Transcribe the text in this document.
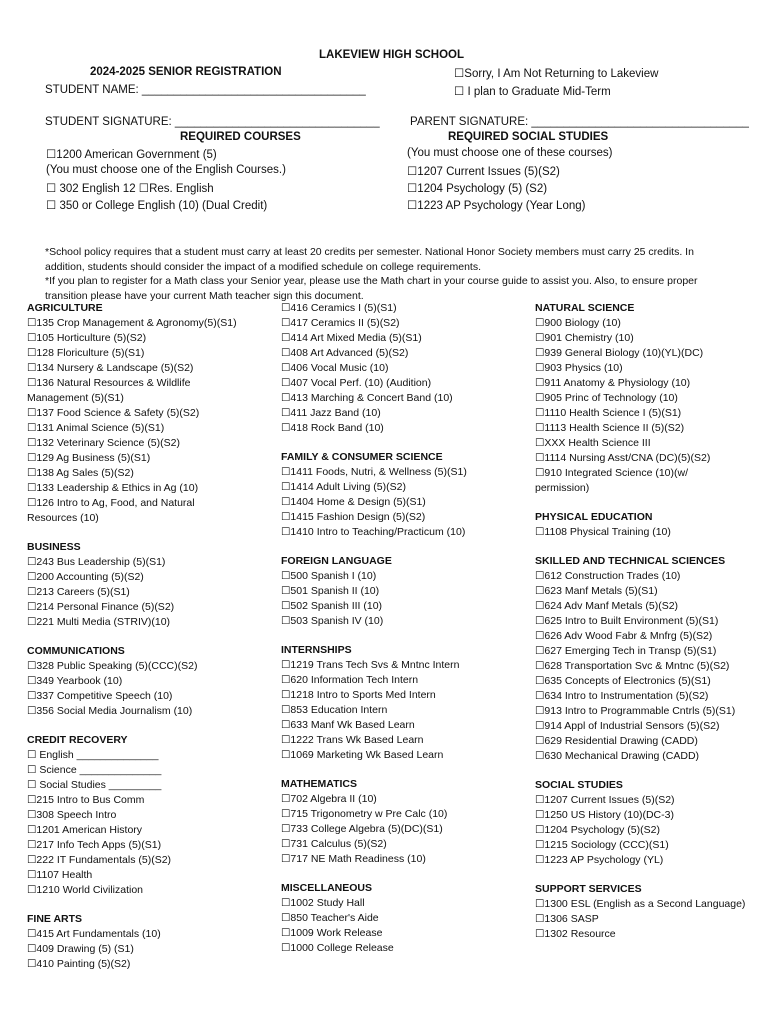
LAKEVIEW HIGH SCHOOL
2024-2025 SENIOR REGISTRATION	☐Sorry, I Am Not Returning to Lakeview
STUDENT NAME: ___________________________________	☐ I plan to Graduate Mid-Term
STUDENT SIGNATURE: ________________________________	PARENT SIGNATURE: __________________________________
REQUIRED COURSES
☐1200 American Government (5)
(You must choose one of the English Courses.)
☐ 302 English 12 ☐Res. English
☐ 350 or College English (10) (Dual Credit)
REQUIRED SOCIAL STUDIES
(You must choose one of these courses)
☐1207 Current Issues (5)(S2)
☐1204 Psychology (5) (S2)
☐1223 AP Psychology (Year Long)
*School policy requires that a student must carry at least 20 credits per semester. National Honor Society members must carry 25 credits. In addition, students should consider the impact of a modified schedule on college requirements.
*If you plan to register for a Math class your Senior year, please use the Math chart in your course guide to assist you. Also, to ensure proper transition please have your current Math teacher sign this document.
AGRICULTURE
☐135 Crop Management & Agronomy(5)(S1)
☐105 Horticulture (5)(S2)
☐128 Floriculture (5)(S1)
☐134 Nursery & Landscape (5)(S2)
☐136 Natural Resources & Wildlife
Management (5)(S1)
☐137 Food Science & Safety (5)(S2)
☐131 Animal Science (5)(S1)
☐132 Veterinary Science (5)(S2)
☐129 Ag Business (5)(S1)
☐138 Ag Sales (5)(S2)
☐133 Leadership & Ethics in Ag (10)
☐126 Intro to Ag, Food, and Natural
Resources (10)
BUSINESS
☐243 Bus Leadership (5)(S1)
☐200 Accounting (5)(S2)
☐213 Careers (5)(S1)
☐214 Personal Finance (5)(S2)
☐221 Multi Media (STRIV)(10)
COMMUNICATIONS
☐328 Public Speaking (5)(CCC)(S2)
☐349 Yearbook (10)
☐337 Competitive Speech (10)
☐356 Social Media Journalism (10)
CREDIT RECOVERY
☐ English ______________
☐ Science ______________
☐ Social Studies _________
☐215 Intro to Bus Comm
☐308 Speech Intro
☐1201 American History
☐217 Info Tech Apps (5)(S1)
☐222 IT Fundamentals (5)(S2)
☐1107 Health
☐1210 World Civilization
FINE ARTS
☐415 Art Fundamentals (10)
☐409 Drawing (5) (S1)
☐410 Painting (5)(S2)
☐416 Ceramics I (5)(S1)
☐417 Ceramics II (5)(S2)
☐414 Art Mixed Media (5)(S1)
☐408 Art Advanced (5)(S2)
☐406 Vocal Music (10)
☐407 Vocal Perf. (10) (Audition)
☐413 Marching & Concert Band (10)
☐411 Jazz Band (10)
☐418 Rock Band (10)
FAMILY & CONSUMER SCIENCE
☐1411 Foods, Nutri, & Wellness (5)(S1)
☐1414 Adult Living (5)(S2)
☐1404 Home & Design (5)(S1)
☐1415 Fashion Design (5)(S2)
☐1410 Intro to Teaching/Practicum (10)
FOREIGN LANGUAGE
☐500 Spanish I (10)
☐501 Spanish II (10)
☐502 Spanish III (10)
☐503 Spanish IV (10)
INTERNSHIPS
☐1219 Trans Tech Svs & Mntnc Intern
☐620 Information Tech Intern
☐1218 Intro to Sports Med Intern
☐853 Education Intern
☐633 Manf Wk Based Learn
☐1222 Trans Wk Based Learn
☐1069 Marketing Wk Based Learn
MATHEMATICS
☐702 Algebra II (10)
☐715 Trigonometry w Pre Calc (10)
☐733 College Algebra (5)(DC)(S1)
☐731 Calculus (5)(S2)
☐717 NE Math Readiness (10)
MISCELLANEOUS
☐1002 Study Hall
☐850 Teacher's Aide
☐1009 Work Release
☐1000 College Release
NATURAL SCIENCE
☐900 Biology (10)
☐901 Chemistry (10)
☐939 General Biology (10)(YL)(DC)
☐903 Physics (10)
☐911 Anatomy & Physiology (10)
☐905 Princ of Technology (10)
☐1110 Health Science I (5)(S1)
☐1113 Health Science II (5)(S2)
☐XXX Health Science III
☐1114 Nursing Asst/CNA (DC)(5)(S2)
☐910 Integrated Science (10)(w/
permission)
PHYSICAL EDUCATION
☐1108 Physical Training (10)
SKILLED AND TECHNICAL SCIENCES
☐612 Construction Trades (10)
☐623 Manf Metals (5)(S1)
☐624 Adv Manf Metals (5)(S2)
☐625 Intro to Built Environment (5)(S1)
☐626 Adv Wood Fabr & Mnfrg (5)(S2)
☐627 Emerging Tech in Transp (5)(S1)
☐628 Transportation Svc & Mntnc (5)(S2)
☐635 Concepts of Electronics (5)(S1)
☐634 Intro to Instrumentation (5)(S2)
☐913 Intro to Programmable Cntrls (5)(S1)
☐914 Appl of Industrial Sensors (5)(S2)
☐629 Residential Drawing (CADD)
☐630 Mechanical Drawing (CADD)
SOCIAL STUDIES
☐1207 Current Issues (5)(S2)
☐1250 US History (10)(DC-3)
☐1204 Psychology (5)(S2)
☐1215 Sociology (CCC)(S1)
☐1223 AP Psychology (YL)
SUPPORT SERVICES
☐1300 ESL (English as a Second Language)
☐1306 SASP
☐1302 Resource
